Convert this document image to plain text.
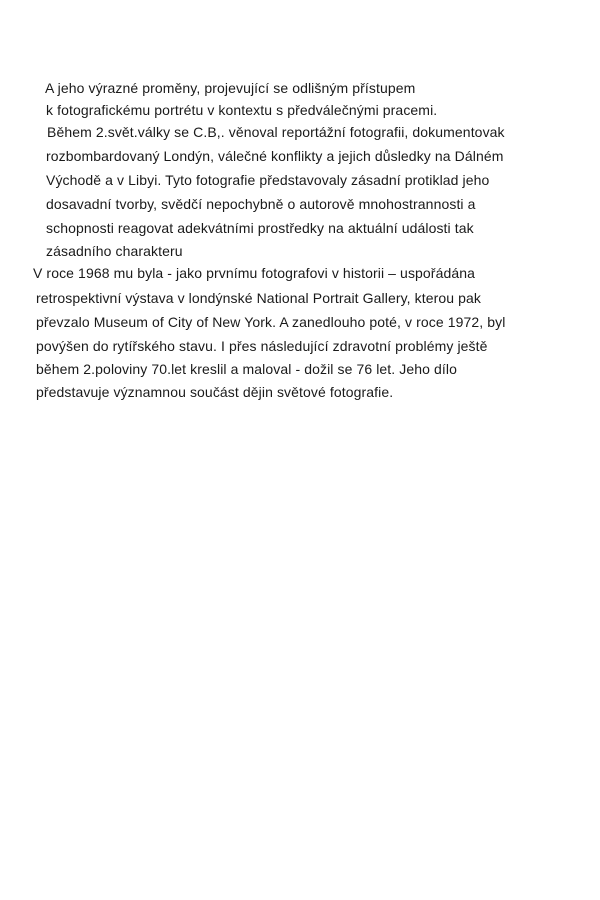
A jeho výrazné proměny, projevující se odlišným přístupem
k fotografickému portrétu v kontextu s předválečnými pracemi.
Během 2.svět.války se C.B,. věnoval reportážní fotografii, dokumentovak
rozbombardovaný Londýn, válečné konflikty a jejich důsledky na Dálném
Východě a v Libyi. Tyto fotografie představovaly zásadní protiklad jeho
dosavadní tvorby, svědčí nepochybně o autorově mnohostrannosti a
schopnosti reagovat adekvátními prostředky na aktuální události tak
zásadního charakteru
V roce 1968 mu byla - jako prvnímu fotografovi v historii – uspořádána
retrospektivní výstava v londýnské National Portrait Gallery, kterou pak
převzalo Museum of City of New York. A zanedlouho poté, v roce 1972, byl
povýšen do rytířského stavu. I přes následující zdravotní problémy ještě
během 2.poloviny 70.let kreslil a maloval - dožil se 76 let. Jeho dílo
představuje významnou součást dějin světové fotografie.
